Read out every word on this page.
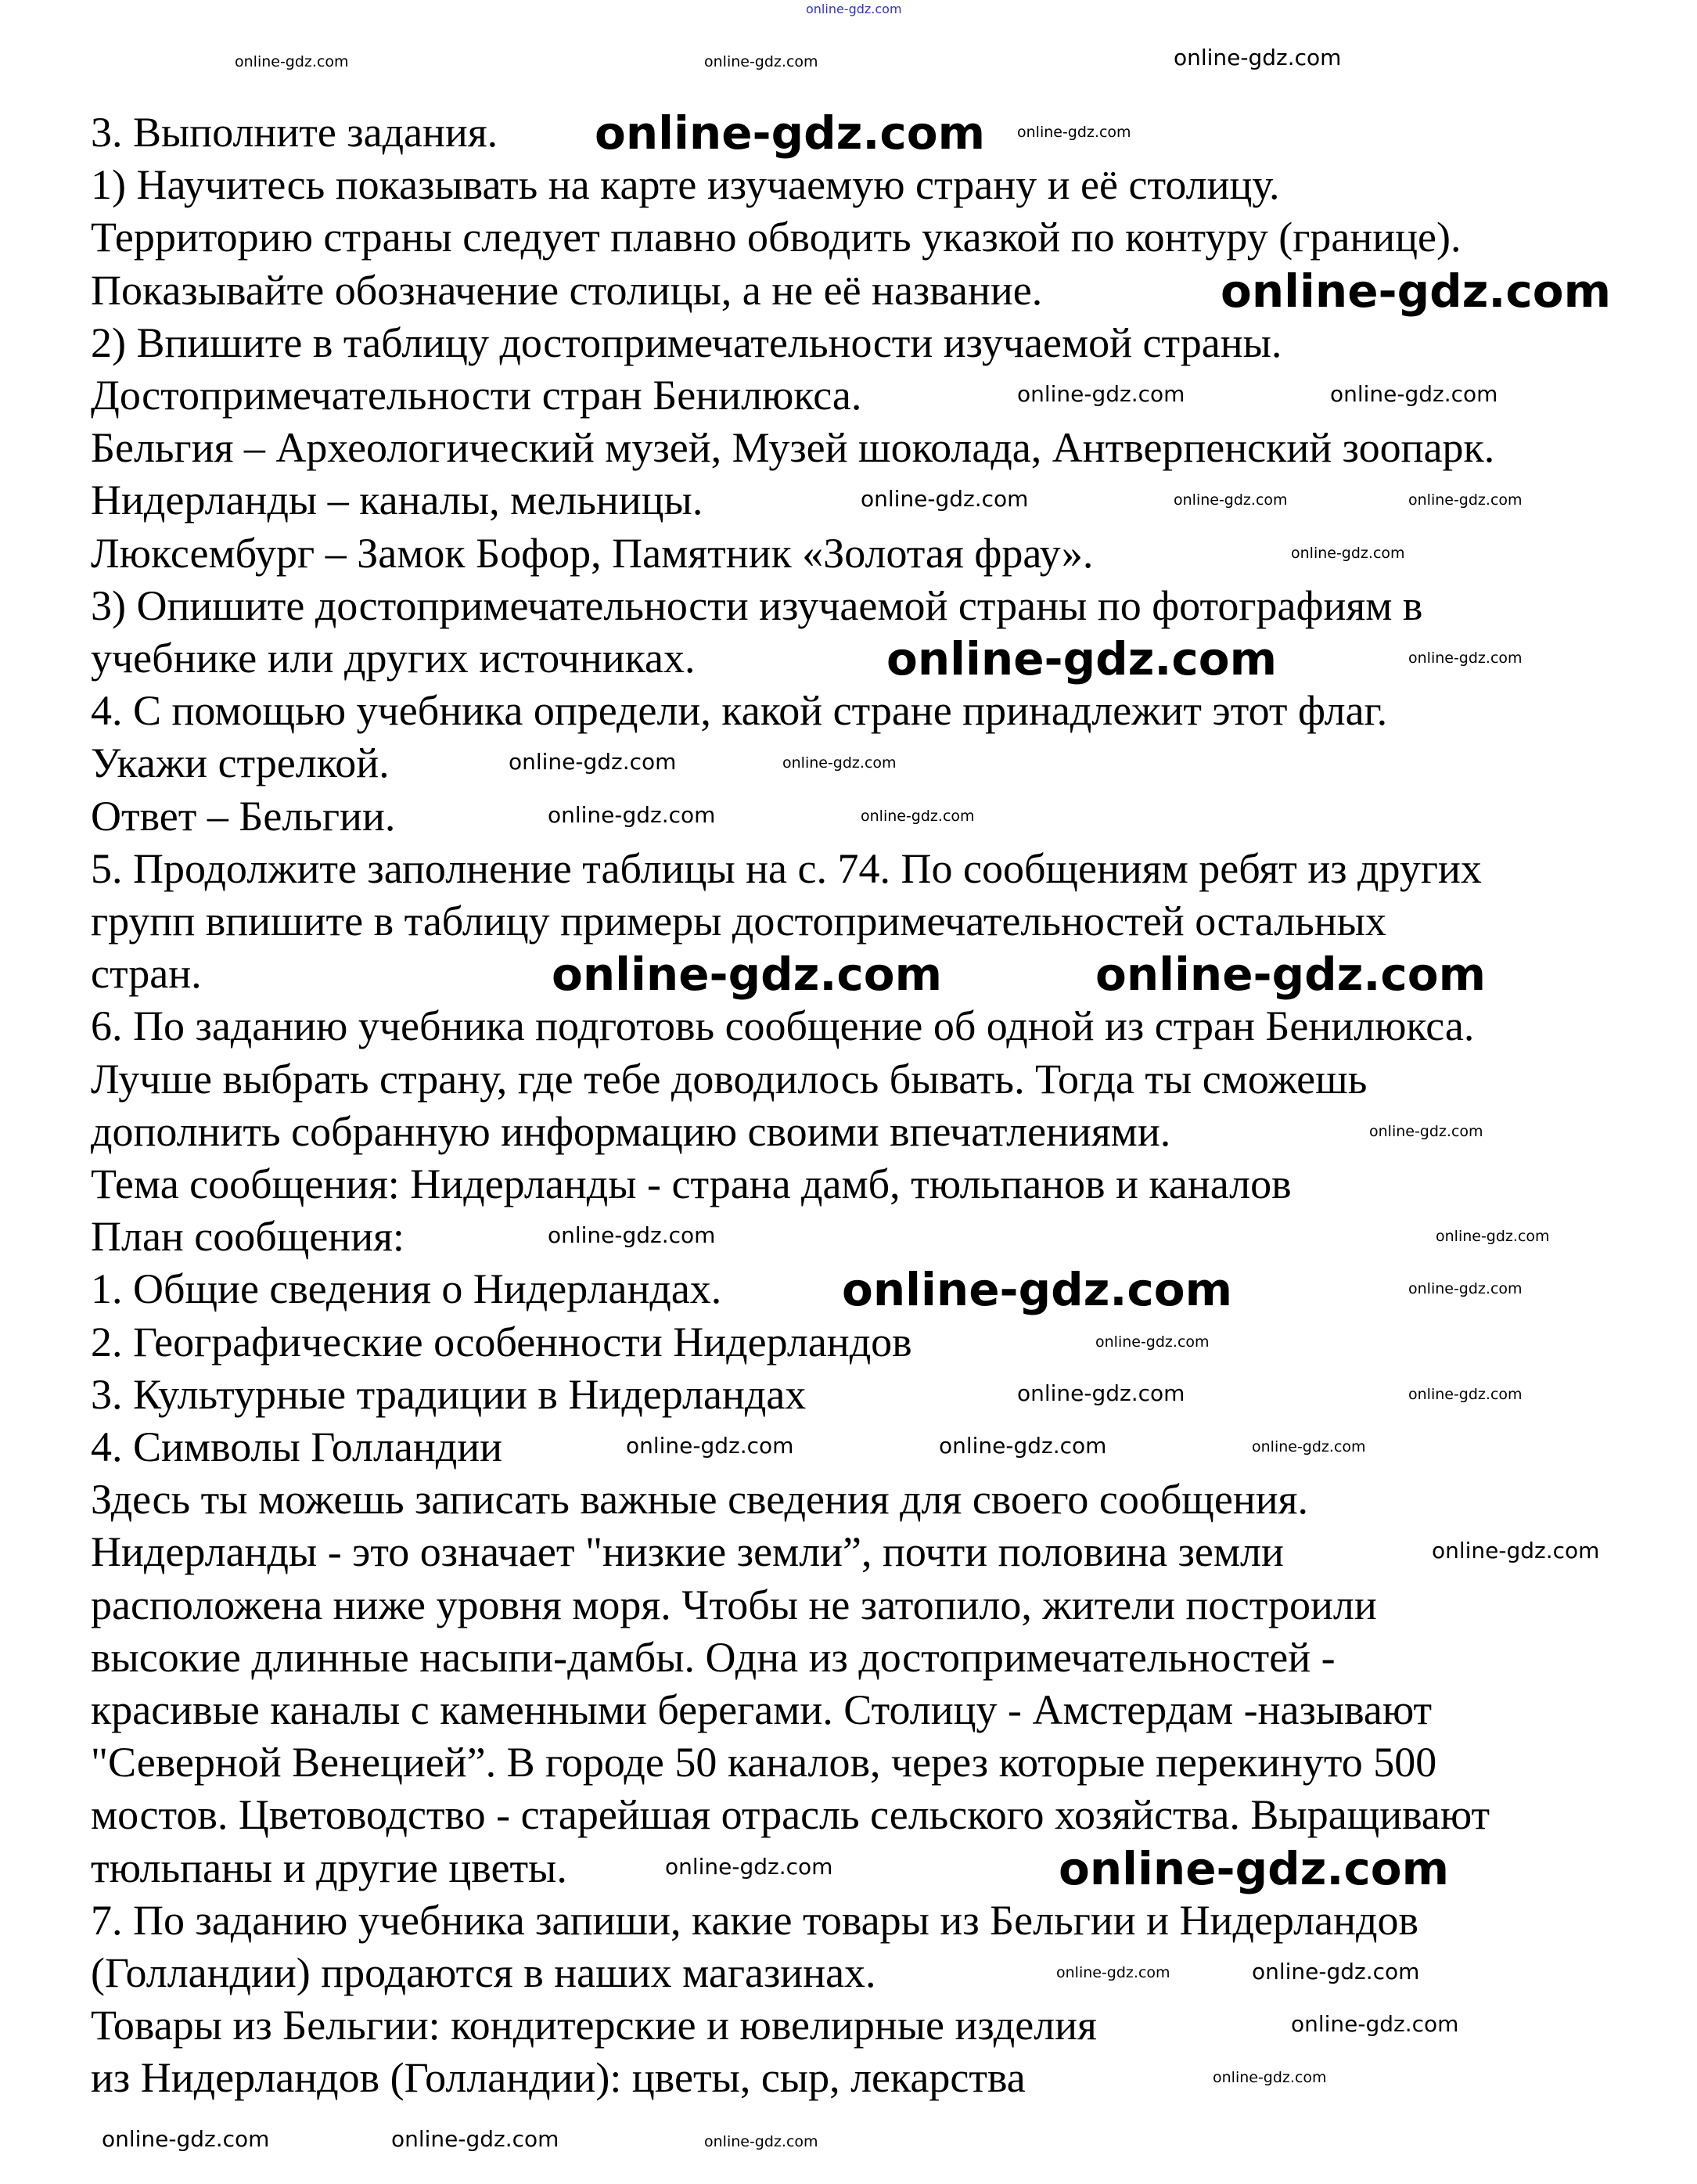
3. Выполните задания.
1) Научитесь показывать на карте изучаемую страну и её столицу.
Территорию страны следует плавно обводить указкой по контуру (границе).
Показывайте обозначение столицы, а не её название.
2) Впишите в таблицу достопримечательности изучаемой страны.
Достопримечательности стран Бенилюкса.
Бельгия – Археологический музей, Музей шоколада, Антверпенский зоопарк.
Нидерланды – каналы, мельницы.
Люксембург – Замок Бофор, Памятник «Золотая фрау».
3) Опишите достопримечательности изучаемой страны по фотографиям в
учебнике или других источниках.
4. С помощью учебника определи, какой стране принадлежит этот флаг.
Укажи стрелкой.
Ответ – Бельгии.
5. Продолжите заполнение таблицы на с. 74. По сообщениям ребят из других
групп впишите в таблицу примеры достопримечательностей остальных
стран.
6. По заданию учебника подготовь сообщение об одной из стран Бенилюкса.
Лучше выбрать страну, где тебе доводилось бывать. Тогда ты сможешь
дополнить собранную информацию своими впечатлениями.
Тема сообщения: Нидерланды - страна дамб, тюльпанов и каналов
План сообщения:
1. Общие сведения о Нидерландах.
2. Географические особенности Нидерландов
3. Культурные традиции в Нидерландах
4. Символы Голландии
Здесь ты можешь записать важные сведения для своего сообщения.
Нидерланды - это означает "низкие земли”, почти половина земли
расположена ниже уровня моря. Чтобы не затопило, жители построили
высокие длинные насыпи-дамбы. Одна из достопримечательностей -
красивые каналы с каменными берегами. Столицу - Амстердам -называют
"Северной Венецией”. В городе 50 каналов, через которые перекинуто 500
мостов. Цветоводство - старейшая отрасль сельского хозяйства. Выращивают
тюльпаны и другие цветы.
7. По заданию учебника запиши, какие товары из Бельгии и Нидерландов
(Голландии) продаются в наших магазинах.
Товары из Бельгии: кондитерские и ювелирные изделия
из Нидерландов (Голландии): цветы, сыр, лекарства
online-gdz.com
online-gdz.com	online-gdz.com	online-gdz.com
online-gdz.com online-gdz.com
online-gdz.com
online-gdz.com	online-gdz.com
online-gdz.com	online-gdz.com	online-gdz.com
online-gdz.com
online-gdz.com	online-gdz.com
online-gdz.com	online-gdz.com
online-gdz.com	online-gdz.com
online-gdz.com	online-gdz.com
online-gdz.com
online-gdz.com	online-gdz.com
online-gdz.com	online-gdz.com
online-gdz.com
online-gdz.com	online-gdz.com
online-gdz.com	online-gdz.com	online-gdz.com
online-gdz.com
online-gdz.com	online-gdz.com
online-gdz.com	online-gdz.com
online-gdz.com
online-gdz.com
online-gdz.com	online-gdz.com	online-gdz.com
